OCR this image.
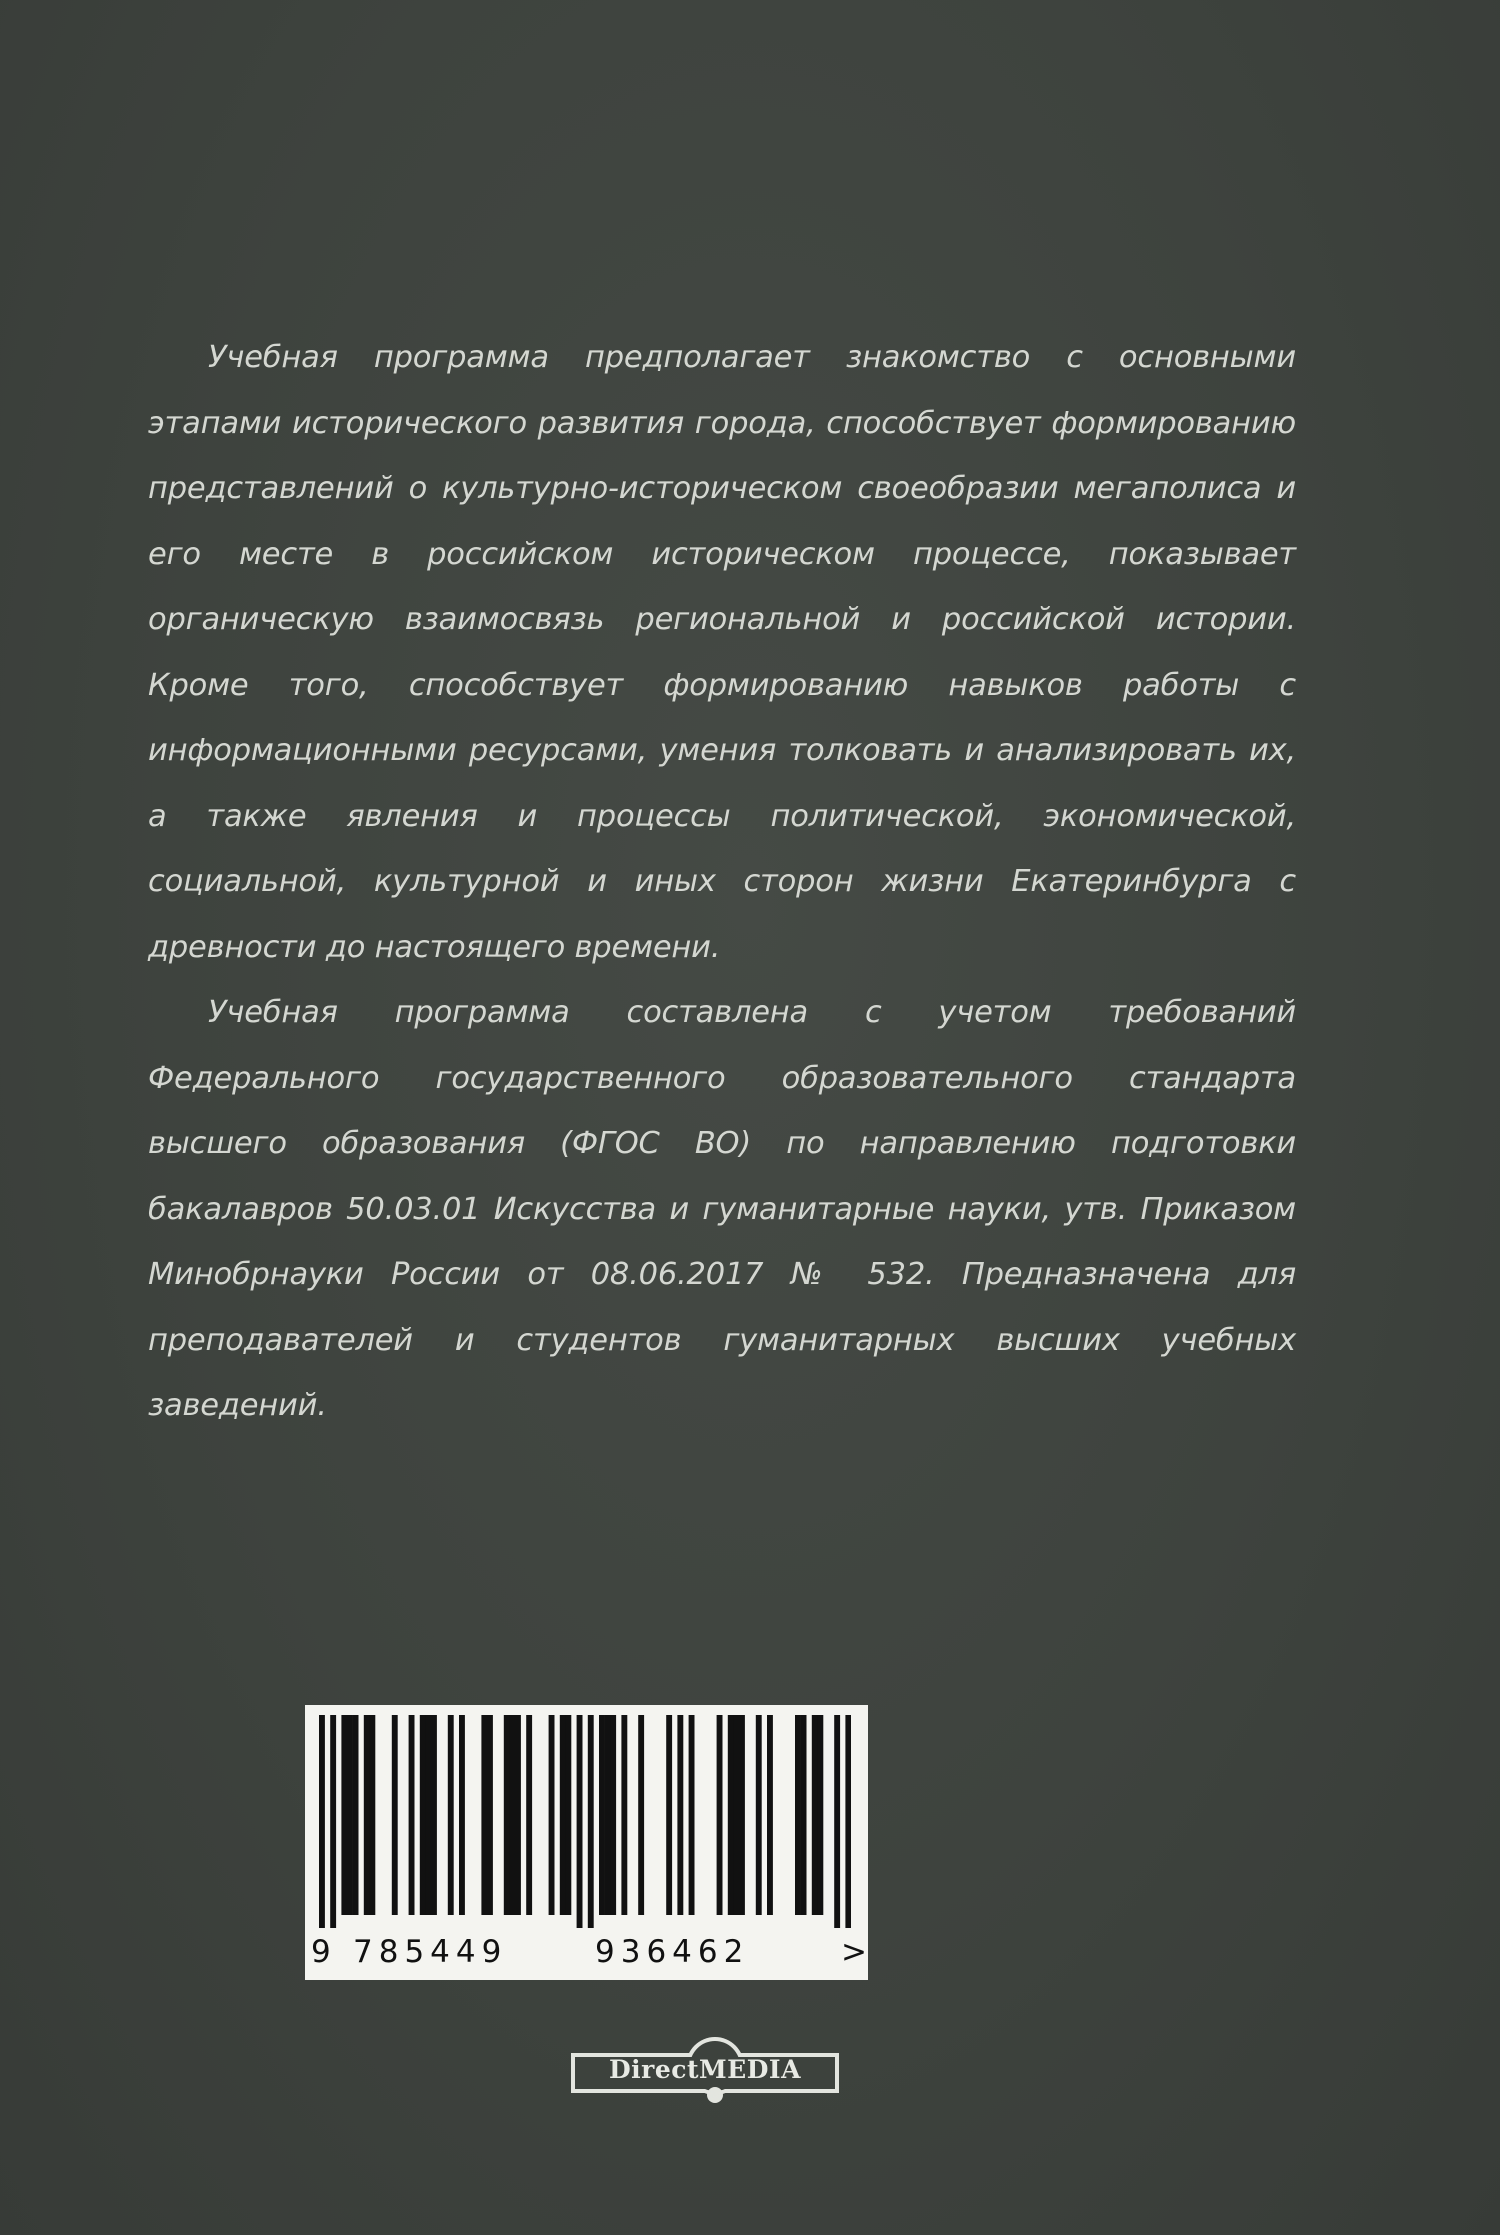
Учебная программа предполагает знакомство с основными этапами исторического развития города, способствует формированию представлений о культурно-историческом своеобразии мегаполиса и его месте в российском историческом процессе, показывает органическую взаимосвязь региональной и российской истории. Кроме того, способствует формированию навыков работы с информационными ресурсами, умения толковать и анализировать их, а также явления и процессы политической, экономической, социальной, культурной и иных сторон жизни Екатеринбурга с древности до настоящего времени.

Учебная программа составлена с учетом требований Федерального государственного образовательного стандарта высшего образования (ФГОС ВО) по направлению подготовки бакалавров 50.03.01 Искусства и гуманитарные науки, утв. Приказом Минобрнауки России от 08.06.2017 № 532. Предназначена для преподавателей и студентов гуманитарных высших учебных заведений.

9 785449	936462	>
DirectMEDIA
